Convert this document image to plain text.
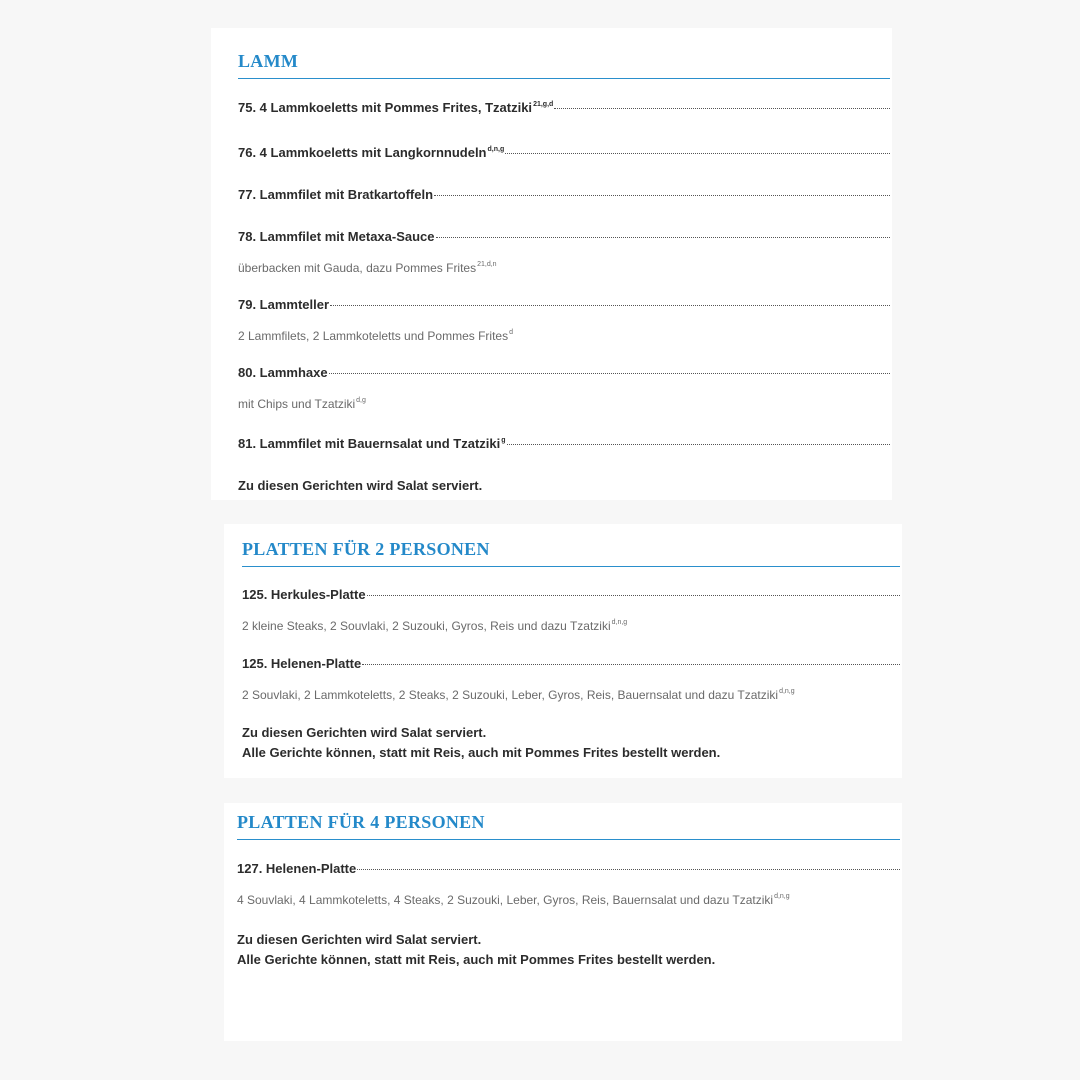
LAMM
75. 4 Lammkoeletts mit Pommes Frites, Tzatziki$^{21,g,d}$
76. 4 Lammkoeletts mit Langkornnudeln$^{d,n,g}$
77. Lammfilet mit Bratkartoffeln
78. Lammfilet mit Metaxa-Sauce
überbacken mit Gauda, dazu Pommes Frites$^{21,d,n}$
79. Lammteller
2 Lammfilets, 2 Lammkoteletts und Pommes Frites$^d$
80. Lammhaxe
mit Chips und Tzatziki$^{d,g}$
81. Lammfilet mit Bauernsalat und Tzatziki$^g$
Zu diesen Gerichten wird Salat serviert.
PLATTEN FÜR 2 PERSONEN
125. Herkules-Platte
2 kleine Steaks, 2 Souvlaki, 2 Suzouki, Gyros, Reis und dazu Tzatziki$^{d,n,g}$
125. Helenen-Platte
2 Souvlaki, 2 Lammkoteletts, 2 Steaks, 2 Suzouki, Leber, Gyros, Reis, Bauernsalat und dazu Tzatziki$^{d,n,g}$
Zu diesen Gerichten wird Salat serviert.
Alle Gerichte können, statt mit Reis, auch mit Pommes Frites bestellt werden.
PLATTEN FÜR 4 PERSONEN
127. Helenen-Platte
4 Souvlaki, 4 Lammkoteletts, 4 Steaks, 2 Suzouki, Leber, Gyros, Reis, Bauernsalat und dazu Tzatziki$^{d,n,g}$
Zu diesen Gerichten wird Salat serviert.
Alle Gerichte können, statt mit Reis, auch mit Pommes Frites bestellt werden.
